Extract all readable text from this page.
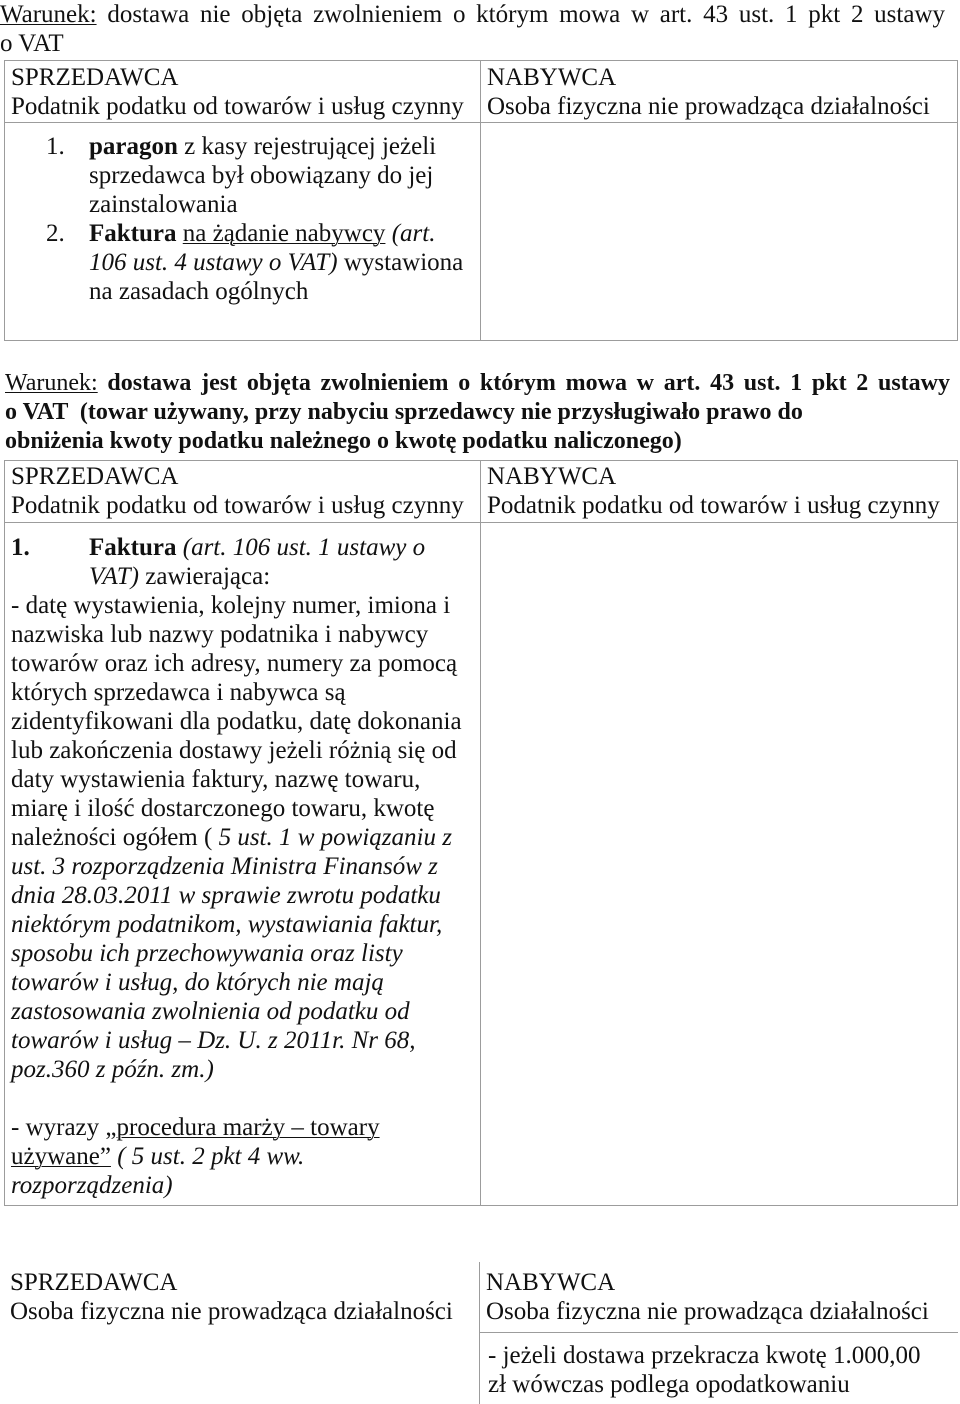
Warunek: dostawa nie objęta zwolnieniem o którym mowa w art. 43 ust. 1 pkt 2 ustawy
o VAT
SPRZEDAWCA
Podatnik podatku od towarów i usług czynny
NABYWCA
Osoba fizyczna nie prowadząca działalności
1. paragon z kasy rejestrującej jeżeli
sprzedawca był obowiązany do jej
zainstalowania
2. Faktura na żądanie nabywcy (art.
106 ust. 4 ustawy o VAT) wystawiona
na zasadach ogólnych
Warunek: dostawa jest objęta zwolnieniem o którym mowa w art. 43 ust. 1 pkt 2 ustawy
o VAT  (towar używany, przy nabyciu sprzedawcy nie przysługiwało prawo do
obniżenia kwoty podatku należnego o kwotę podatku naliczonego)
SPRZEDAWCA
Podatnik podatku od towarów i usług czynny
NABYWCA
Podatnik podatku od towarów i usług czynny
1. Faktura (art. 106 ust. 1 ustawy o
VAT) zawierająca:
- datę wystawienia, kolejny numer, imiona i
nazwiska lub nazwy podatnika i nabywcy
towarów oraz ich adresy, numery za pomocą
których sprzedawca i nabywca są
zidentyfikowani dla podatku, datę dokonania
lub zakończenia dostawy jeżeli różnią się od
daty wystawienia faktury, nazwę towaru,
miarę i ilość dostarczonego towaru, kwotę
należności ogółem ( 5 ust. 1 w powiązaniu z
ust. 3 rozporządzenia Ministra Finansów z
dnia 28.03.2011 w sprawie zwrotu podatku
niektórym podatnikom, wystawiania faktur,
sposobu ich przechowywania oraz listy
towarów i usług, do których nie mają
zastosowania zwolnienia od podatku od
towarów i usług – Dz. U. z 2011r. Nr 68,
poz.360 z późn. zm.)
- wyrazy „procedura marży – towary
używane” ( 5 ust. 2 pkt 4 ww.
rozporządzenia)
SPRZEDAWCA
Osoba fizyczna nie prowadząca działalności
NABYWCA
Osoba fizyczna nie prowadząca działalności
- jeżeli dostawa przekracza kwotę 1.000,00
zł wówczas podlega opodatkowaniu
